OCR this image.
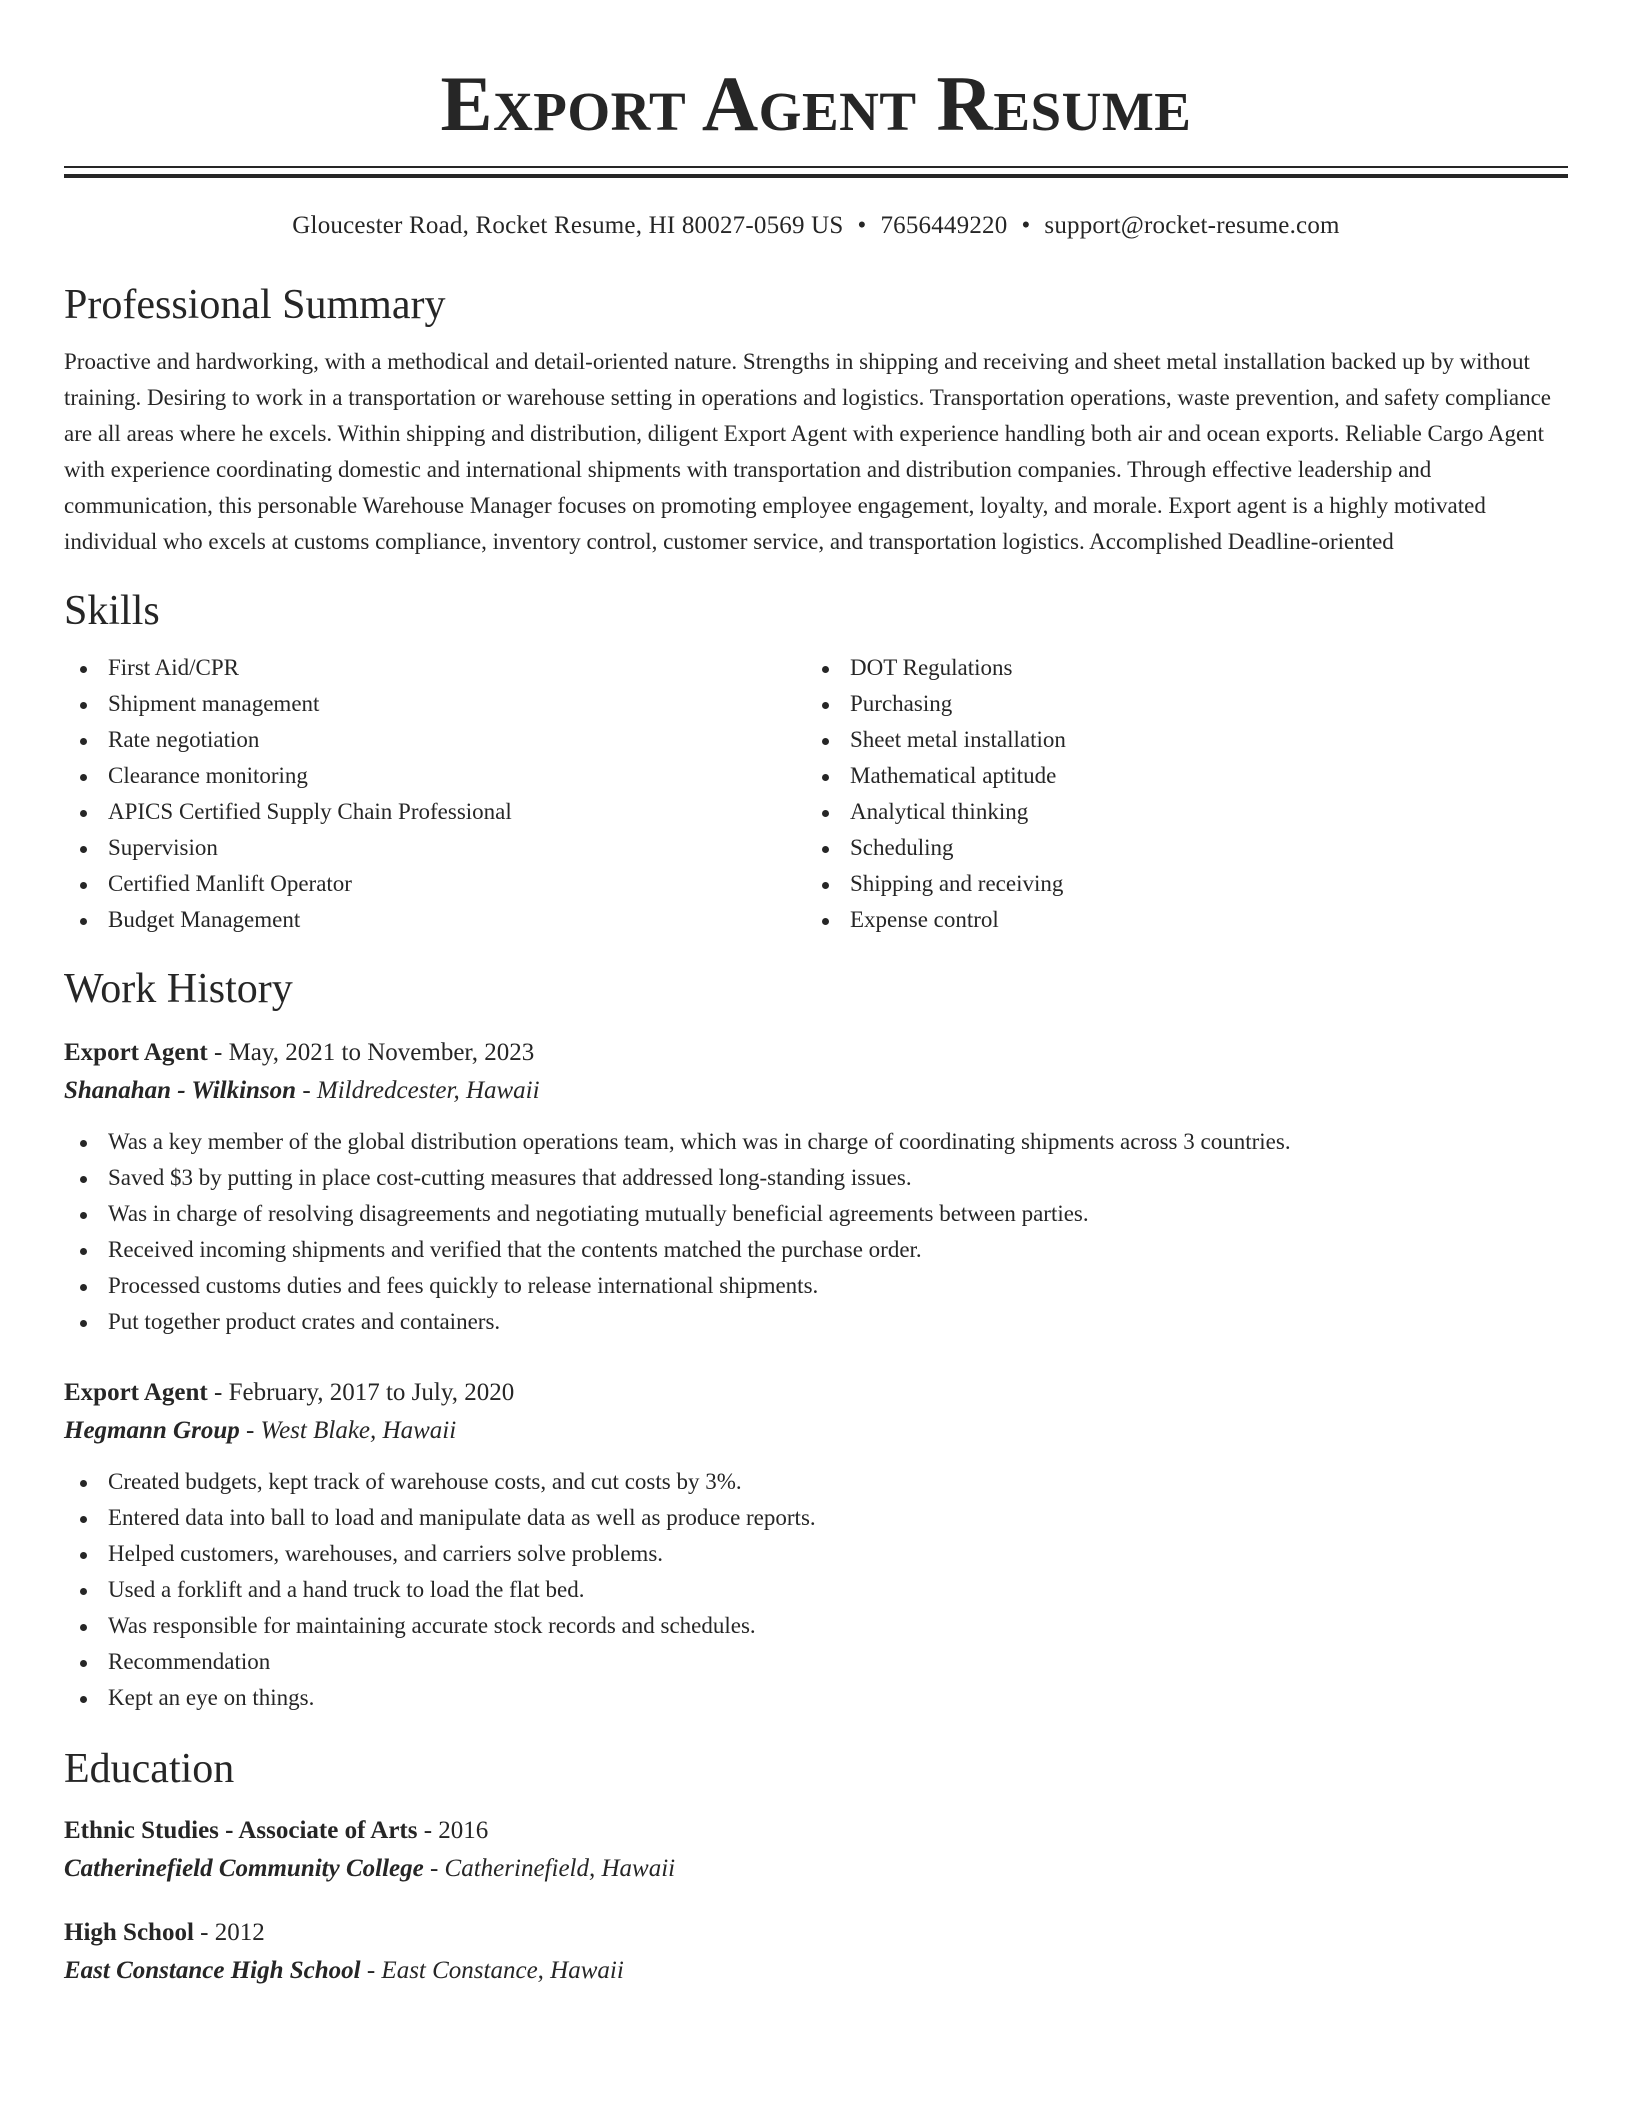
Export Agent Resume
Gloucester Road, Rocket Resume, HI 80027-0569 US • 7656449220 • support@rocket-resume.com
Professional Summary

Proactive and hardworking, with a methodical and detail-oriented nature. Strengths in shipping and receiving and sheet metal installation backed up by without training. Desiring to work in a transportation or warehouse setting in operations and logistics. Transportation operations, waste prevention, and safety compliance are all areas where he excels. Within shipping and distribution, diligent Export Agent with experience handling both air and ocean exports. Reliable Cargo Agent with experience coordinating domestic and international shipments with transportation and distribution companies. Through effective leadership and communication, this personable Warehouse Manager focuses on promoting employee engagement, loyalty, and morale. Export agent is a highly motivated individual who excels at customs compliance, inventory control, customer service, and transportation logistics. Accomplished Deadline-oriented

Skills
First Aid/CPR
Shipment management
Rate negotiation
Clearance monitoring
APICS Certified Supply Chain Professional
Supervision
Certified Manlift Operator
Budget Management
DOT Regulations
Purchasing
Sheet metal installation
Mathematical aptitude
Analytical thinking
Scheduling
Shipping and receiving
Expense control
Work History
Export Agent - May, 2021 to November, 2023
Shanahan - Wilkinson - Mildredcester, Hawaii
Was a key member of the global distribution operations team, which was in charge of coordinating shipments across 3 countries.
Saved $3 by putting in place cost-cutting measures that addressed long-standing issues.
Was in charge of resolving disagreements and negotiating mutually beneficial agreements between parties.
Received incoming shipments and verified that the contents matched the purchase order.
Processed customs duties and fees quickly to release international shipments.
Put together product crates and containers.
Export Agent - February, 2017 to July, 2020
Hegmann Group - West Blake, Hawaii
Created budgets, kept track of warehouse costs, and cut costs by 3%.
Entered data into ball to load and manipulate data as well as produce reports.
Helped customers, warehouses, and carriers solve problems.
Used a forklift and a hand truck to load the flat bed.
Was responsible for maintaining accurate stock records and schedules.
Recommendation
Kept an eye on things.
Education
Ethnic Studies - Associate of Arts - 2016
Catherinefield Community College - Catherinefield, Hawaii
High School - 2012
East Constance High School - East Constance, Hawaii
